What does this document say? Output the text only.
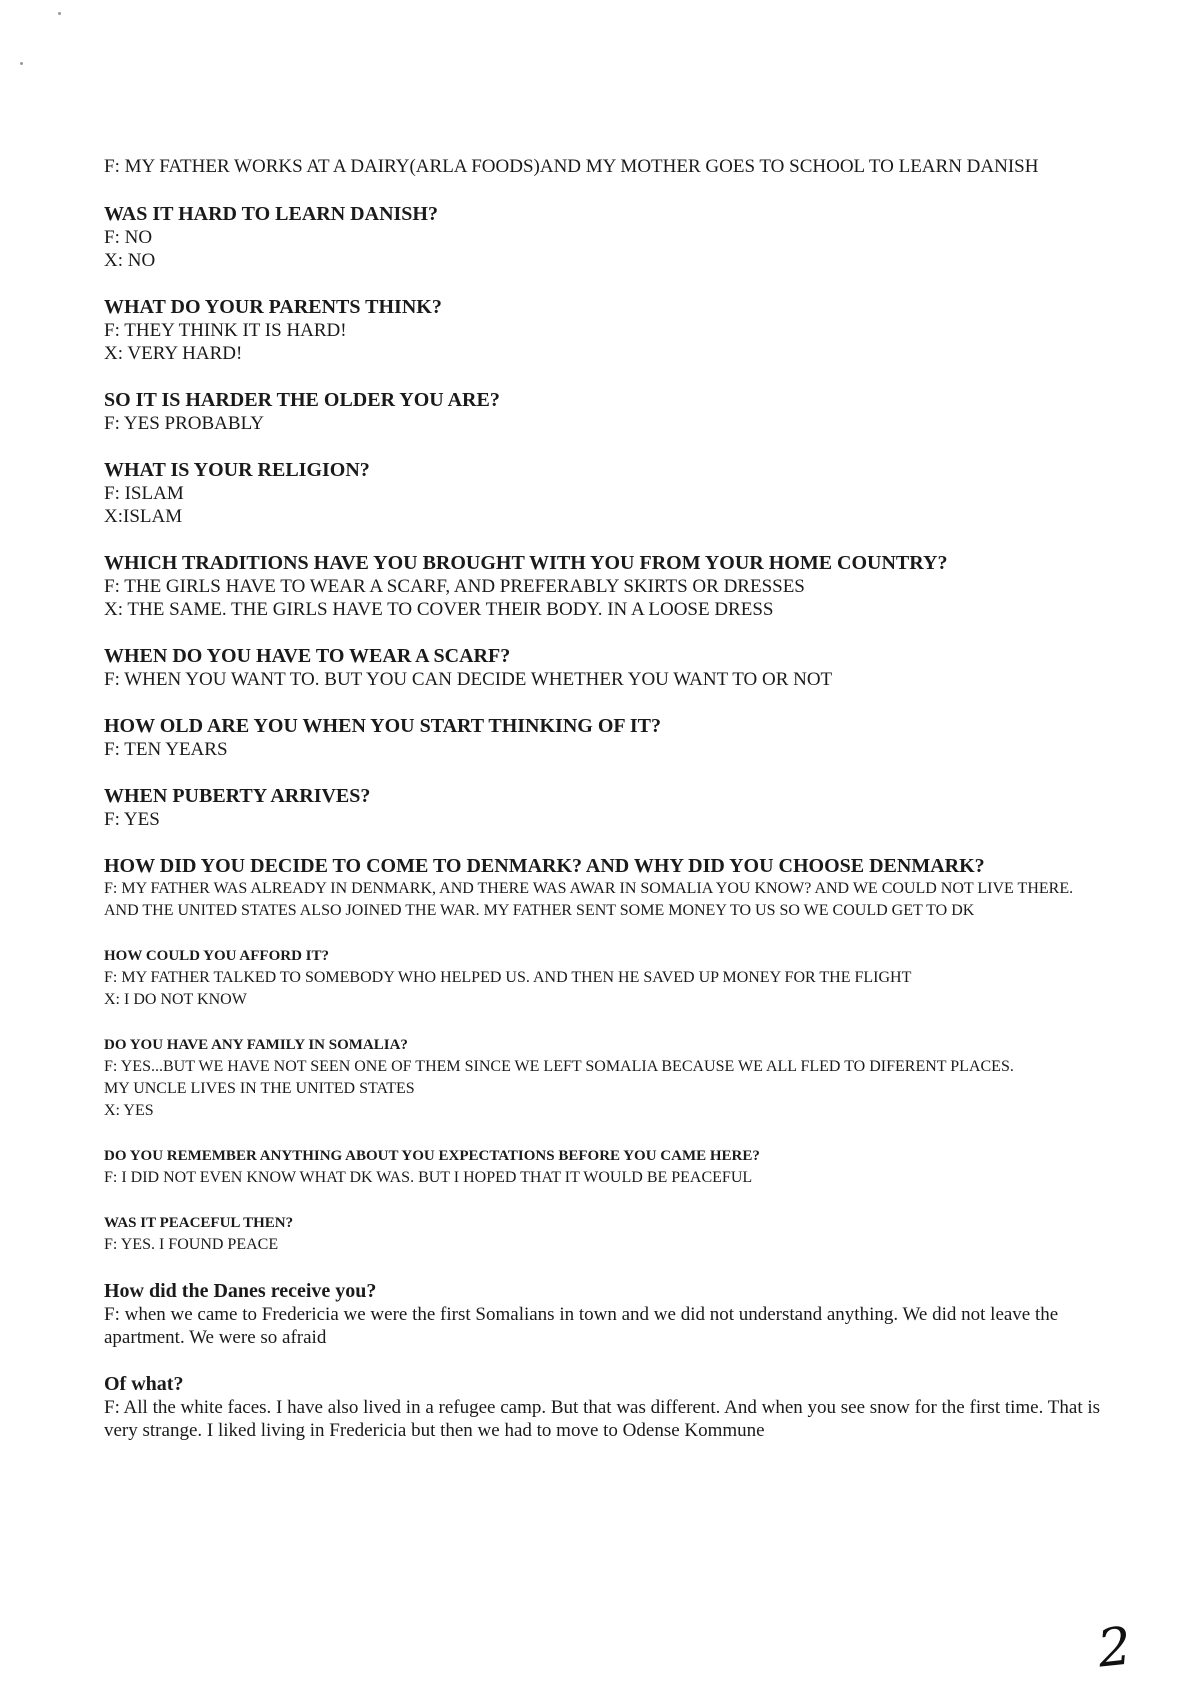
F: MY FATHER WORKS AT A DAIRY(ARLA FOODS)AND MY MOTHER GOES TO SCHOOL TO LEARN DANISH

WAS IT HARD TO LEARN DANISH?

F: NO

X: NO

WHAT DO YOUR PARENTS THINK?

F: THEY THINK IT IS HARD!

X: VERY HARD!

SO IT IS HARDER THE OLDER YOU ARE?

F: YES PROBABLY

WHAT IS YOUR RELIGION?

F: ISLAM

X:ISLAM

WHICH TRADITIONS HAVE YOU BROUGHT WITH YOU FROM YOUR HOME COUNTRY?

F: THE GIRLS HAVE TO WEAR A SCARF, AND PREFERABLY SKIRTS OR DRESSES

X: THE SAME. THE GIRLS HAVE TO COVER THEIR BODY. IN A LOOSE DRESS

WHEN DO YOU HAVE TO WEAR A SCARF?

F: WHEN YOU WANT TO. BUT YOU CAN DECIDE WHETHER YOU WANT TO OR NOT

HOW OLD ARE YOU WHEN YOU START THINKING OF IT?

F: TEN YEARS

WHEN PUBERTY ARRIVES?

F: YES

HOW DID YOU DECIDE TO COME TO DENMARK? AND WHY DID YOU CHOOSE DENMARK?

F: MY FATHER WAS ALREADY IN DENMARK, AND THERE WAS AWAR IN SOMALIA YOU KNOW? AND WE COULD NOT LIVE THERE. AND THE UNITED STATES ALSO JOINED THE WAR. MY FATHER SENT SOME MONEY TO US SO WE COULD GET TO DK

HOW COULD YOU AFFORD IT?

F: MY FATHER TALKED TO SOMEBODY WHO HELPED US. AND THEN HE SAVED UP MONEY FOR THE FLIGHT

X: I DO NOT KNOW

DO YOU HAVE ANY FAMILY IN SOMALIA?

F: YES...BUT WE HAVE NOT SEEN ONE OF THEM SINCE WE LEFT SOMALIA BECAUSE WE ALL FLED TO DIFERENT PLACES.

MY UNCLE LIVES IN THE UNITED STATES

X: YES

DO YOU REMEMBER ANYTHING ABOUT YOU EXPECTATIONS BEFORE YOU CAME HERE?

F: I DID NOT EVEN KNOW WHAT DK WAS. BUT I HOPED THAT IT WOULD BE PEACEFUL

WAS IT PEACEFUL THEN?

F: YES. I FOUND PEACE

How did the Danes receive you?

F: when we came to Fredericia we were the first Somalians in town and we did not understand anything. We did not leave the apartment. We were so afraid

Of what?

F: All the white faces. I have also lived in a refugee camp. But that was different. And when you see snow for the first time. That is very strange. I liked living in Fredericia but then we had to move to Odense Kommune

2
